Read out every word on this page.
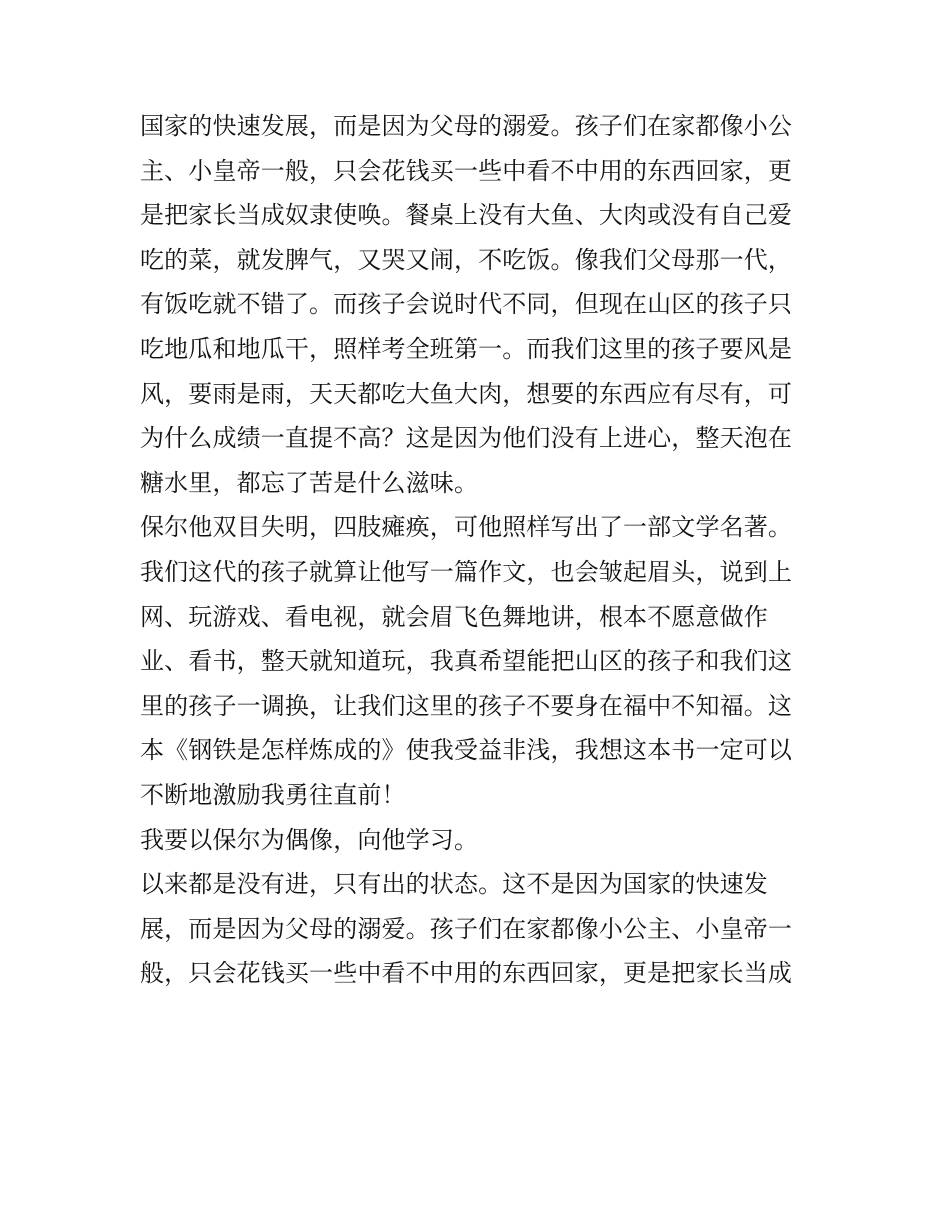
国家的快速发展，而是因为父母的溺爱。孩子们在家都像小公
主、小皇帝一般，只会花钱买一些中看不中用的东西回家，更
是把家长当成奴隶使唤。餐桌上没有大鱼、大肉或没有自己爱
吃的菜，就发脾气，又哭又闹，不吃饭。像我们父母那一代，
有饭吃就不错了。而孩子会说时代不同，但现在山区的孩子只
吃地瓜和地瓜干，照样考全班第一。而我们这里的孩子要风是
风，要雨是雨，天天都吃大鱼大肉，想要的东西应有尽有，可
为什么成绩一直提不高？这是因为他们没有上进心，整天泡在
糖水里，都忘了苦是什么滋味。
保尔他双目失明，四肢瘫痪，可他照样写出了一部文学名著。
我们这代的孩子就算让他写一篇作文，也会皱起眉头，说到上
网、玩游戏、看电视，就会眉飞色舞地讲，根本不愿意做作
业、看书，整天就知道玩，我真希望能把山区的孩子和我们这
里的孩子一调换，让我们这里的孩子不要身在福中不知福。这
本《钢铁是怎样炼成的》使我受益非浅，我想这本书一定可以
不断地激励我勇往直前！
我要以保尔为偶像，向他学习。
以来都是没有进，只有出的状态。这不是因为国家的快速发
展，而是因为父母的溺爱。孩子们在家都像小公主、小皇帝一
般，只会花钱买一些中看不中用的东西回家，更是把家长当成
